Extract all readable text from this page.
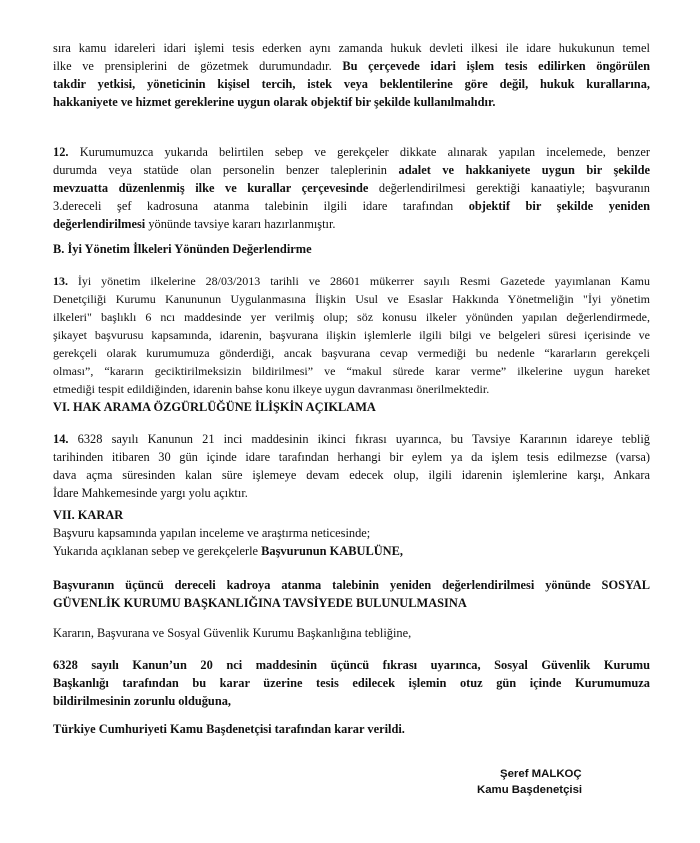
sıra kamu idareleri idari işlemi tesis ederken aynı zamanda hukuk devleti ilkesi ile idare hukukunun temel
ilke ve prensiplerini de gözetmek durumundadır. Bu çerçevede idari işlem tesis edilirken öngörülen
takdir yetkisi, yöneticinin kişisel tercih, istek veya beklentilerine göre değil, hukuk kurallarına,
hakkaniyete ve hizmet gereklerine uygun olarak objektif bir şekilde kullanılmalıdır.
12. Kurumumuzca yukarıda belirtilen sebep ve gerekçeler dikkate alınarak yapılan incelemede, benzer
durumda veya statüde olan personelin benzer taleplerinin adalet ve hakkaniyete uygun bir şekilde
mevzuatta düzenlenmiş ilke ve kurallar çerçevesinde değerlendirilmesi gerektiği kanaatiyle; başvuranın
3.dereceli şef kadrosuna atanma talebinin ilgili idare tarafından objektif bir şekilde yeniden
değerlendirilmesi yönünde tavsiye kararı hazırlanmıştır.

B. İyi Yönetim İlkeleri Yönünden Değerlendirme

13. İyi yönetim ilkelerine 28/03/2013 tarihli ve 28601 mükerrer sayılı Resmi Gazetede yayımlanan Kamu
Denetçiliği Kurumu Kanununun Uygulanmasına İlişkin Usul ve Esaslar Hakkında Yönetmeliğin "İyi yönetim
ilkeleri" başlıklı 6 ncı maddesinde yer verilmiş olup; söz konusu ilkeler yönünden yapılan değerlendirmede,
şikayet başvurusu kapsamında, idarenin, başvurana ilişkin işlemlerle ilgili bilgi ve belgeleri süresi içerisinde ve
gerekçeli olarak kurumumuza gönderdiği, ancak başvurana cevap vermediği bu nedenle “kararların gerekçeli
olması”, “kararın geciktirilmeksizin bildirilmesi” ve “makul sürede karar verme” ilkelerine uygun hareket
etmediği tespit edildiğinden, idarenin bahse konu ilkeye uygun davranması önerilmektedir.

VI. HAK ARAMA ÖZGÜRLÜĞÜNE İLİŞKİN AÇIKLAMA

14. 6328 sayılı Kanunun 21 inci maddesinin ikinci fıkrası uyarınca, bu Tavsiye Kararının idareye tebliğ
tarihinden itibaren 30 gün içinde idare tarafından herhangi bir eylem ya da işlem tesis edilmezse (varsa)
dava açma süresinden kalan süre işlemeye devam edecek olup, ilgili idarenin işlemlerine karşı, Ankara
İdare Mahkemesinde yargı yolu açıktır.

VII. KARAR

Başvuru kapsamında yapılan inceleme ve araştırma neticesinde;
Yukarıda açıklanan sebep ve gerekçelerle Başvurunun KABULÜNE,
Başvuranın üçüncü dereceli kadroya atanma talebinin yeniden değerlendirilmesi yönünde SOSYAL
GÜVENLİK KURUMU BAŞKANLIĞINA TAVSİYEDE BULUNULMASINA
Kararın, Başvurana ve Sosyal Güvenlik Kurumu Başkanlığına tebliğine,
6328 sayılı Kanun’un 20 nci maddesinin üçüncü fıkrası uyarınca, Sosyal Güvenlik Kurumu
Başkanlığı tarafından bu karar üzerine tesis edilecek işlemin otuz gün içinde Kurumumuza
bildirilmesinin zorunlu olduğuna,
Türkiye Cumhuriyeti Kamu Başdenetçisi tarafından karar verildi.
Şeref MALKOÇ
Kamu Başdenetçisi
